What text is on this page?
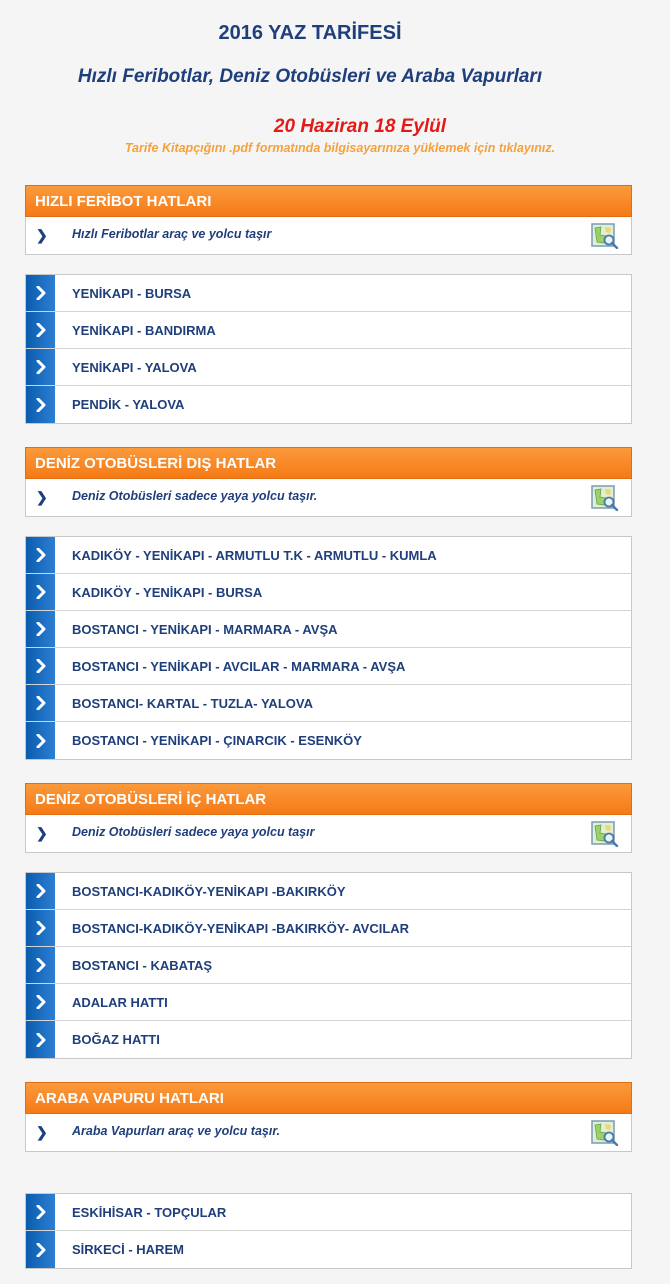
2016 YAZ TARİFESİ
Hızlı Feribotlar, Deniz Otobüsleri ve Araba Vapurları
20 Haziran 18 Eylül
Tarife Kitapçığını .pdf formatında bilgisayarınıza yüklemek için tıklayınız.
HIZLI FERİBOT HATLARI
❯ Hızlı Feribotlar araç ve yolcu taşır
YENİKAPI - BURSA
YENİKAPI - BANDIRMA
YENİKAPI - YALOVA
PENDİK - YALOVA
DENİZ OTOBÜSLERİ DIŞ HATLAR
❯ Deniz Otobüsleri sadece yaya yolcu taşır.
KADIKÖY - YENİKAPI - ARMUTLU T.K - ARMUTLU - KUMLA
KADIKÖY - YENİKAPI - BURSA
BOSTANCI - YENİKAPI - MARMARA - AVŞA
BOSTANCI - YENİKAPI - AVCILAR - MARMARA - AVŞA
BOSTANCI- KARTAL - TUZLA- YALOVA
BOSTANCI - YENİKAPI - ÇINARCIK - ESENKÖY
DENİZ OTOBÜSLERİ İÇ HATLAR
❯ Deniz Otobüsleri sadece yaya yolcu taşır
BOSTANCI-KADIKÖY-YENİKAPI -BAKIRKÖY
BOSTANCI-KADIKÖY-YENİKAPI -BAKIRKÖY- AVCILAR
BOSTANCI - KABATAŞ
ADALAR HATTI
BOĞAZ HATTI
ARABA VAPURU HATLARI
❯ Araba Vapurları araç ve yolcu taşır.
ESKİHİSAR - TOPÇULAR
SİRKECİ - HAREM
